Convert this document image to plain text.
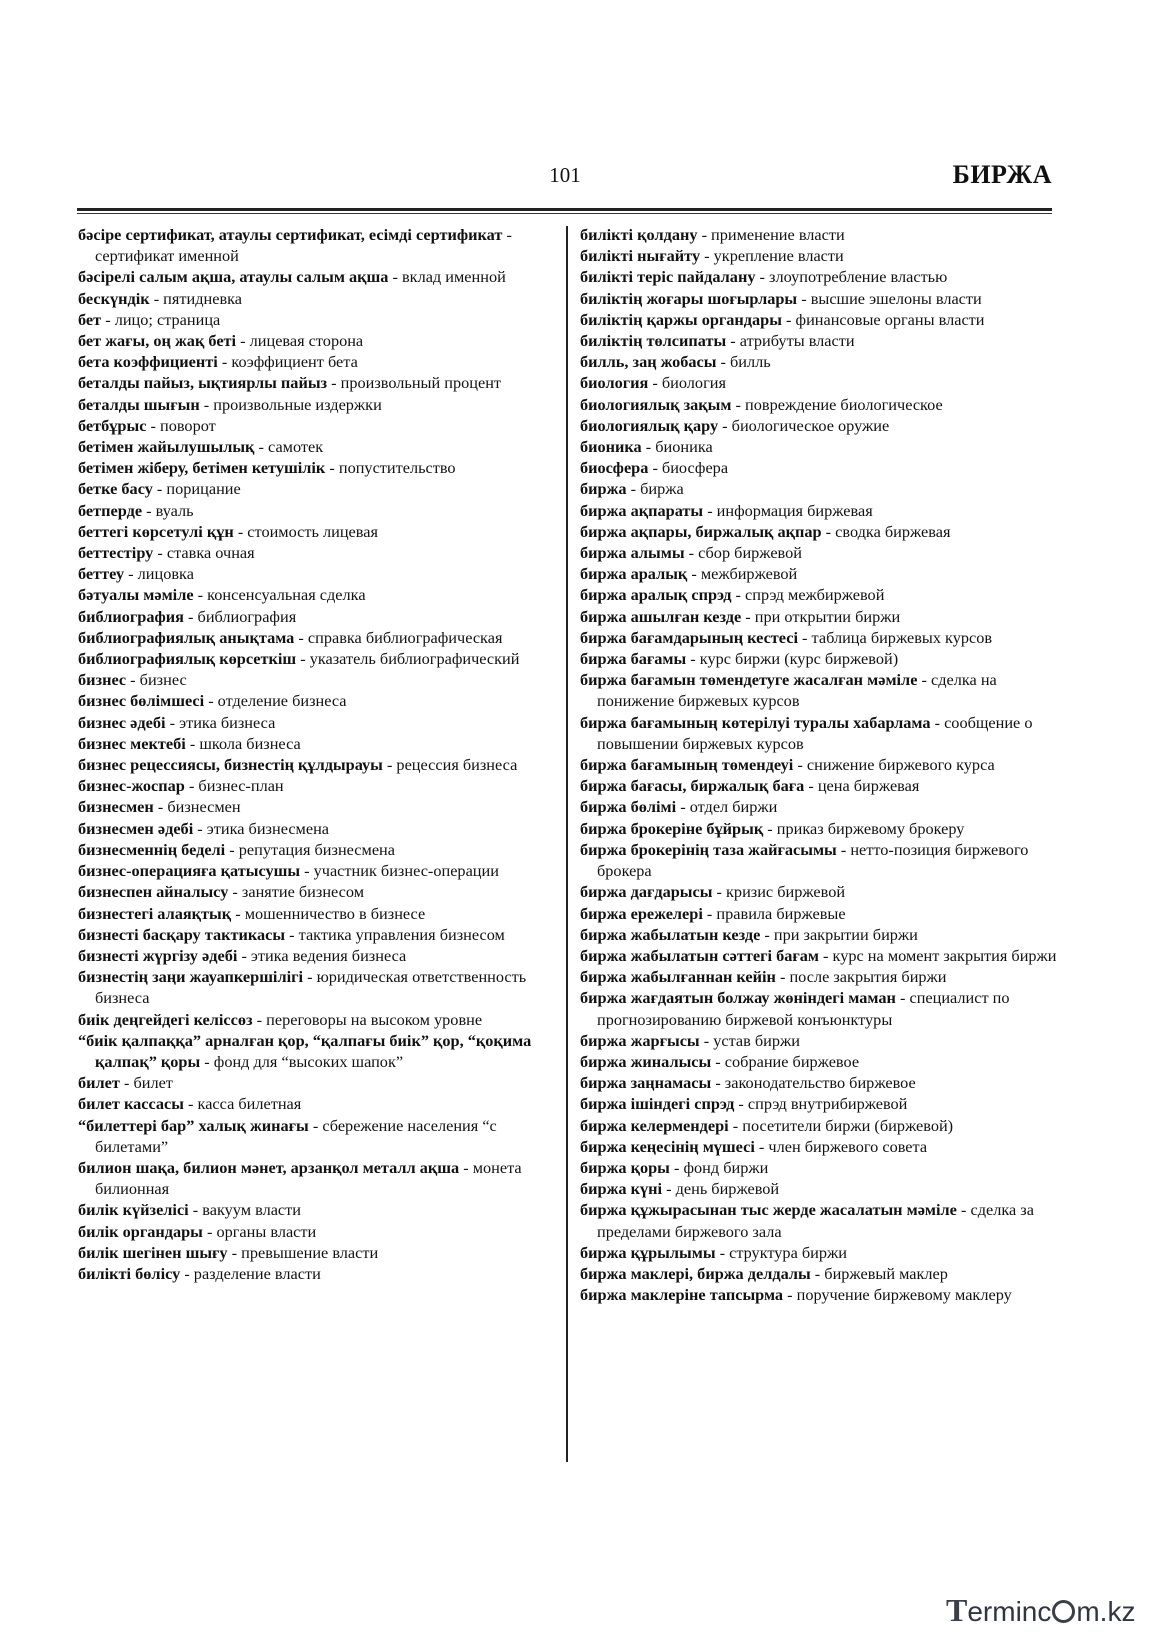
101	БИРЖА

бәсіре сертификат, атаулы сертификат, есімді сертификат - сертификат именной

бәсірелі салым ақша, атаулы салым ақша - вклад именной

бескүндік - пятидневка

бет - лицо; страница

бет жағы, оң жақ беті - лицевая сторона

бета коэффициенті - коэффициент бета

беталды пайыз, ықтиярлы пайыз - произвольный процент

беталды шығын - произвольные издержки

бетбұрыс - поворот

бетімен жайылушылық - самотек

бетімен жіберу, бетімен кетушілік - попустительство

бетке басу - порицание

бетперде - вуаль

беттегі көрсетулі құн - стоимость лицевая

беттестіру - ставка очная

беттеу - лицовка

бәтуалы мәміле - консенсуальная сделка

библиография - библиография

библиографиялық анықтама - справка библиографическая

библиографиялық көрсеткіш - указатель библиографический

бизнес - бизнес

бизнес бөлімшесі - отделение бизнеса

бизнес әдебі - этика бизнеса

бизнес мектебі - школа бизнеса

бизнес рецессиясы, бизнестің құлдырауы - рецессия бизнеса

бизнес-жоспар - бизнес-план

бизнесмен - бизнесмен

бизнесмен әдебі - этика бизнесмена

бизнесменнің беделі - репутация бизнесмена

бизнес-операцияға қатысушы - участник бизнес-операции

бизнеспен айналысу - занятие бизнесом

бизнестегі алаяқтық - мошенничество в бизнесе

бизнесті басқару тактикасы - тактика управления бизнесом

бизнесті жүргізу әдебі - этика ведения бизнеса

бизнестің заңи жауапкершілігі - юридическая ответственность бизнеса

биік деңгейдегі келіссөз - переговоры на высоком уровне

“биік қалпаққа” арналған қор, “қалпағы биік” қор, “қоқима қалпақ” қоры - фонд для “высоких шапок”

билет - билет

билет кассасы - касса билетная

“билеттері бар” халық жинағы - сбережение населения “с билетами”

билион шақа, билион мәнет, арзанқол металл ақша - монета билионная

билік күйзелісі - вакуум власти

билік органдары - органы власти

билік шегінен шығу - превышение власти

билікті бөлісу - разделение власти

билікті қолдану - применение власти

билікті нығайту - укрепление власти

билікті теріс пайдалану - злоупотребление властью

биліктің жоғары шоғырлары - высшие эшелоны власти

биліктің қаржы органдары - финансовые органы власти

биліктің төлсипаты - атрибуты власти

билль, заң жобасы - билль

биология - биология

биологиялық зақым - повреждение биологическое

биологиялық қару - биологическое оружие

бионика - бионика

биосфера - биосфера

биржа - биржа

биржа ақпараты - информация биржевая

биржа ақпары, биржалық ақпар - сводка биржевая

биржа алымы - сбор биржевой

биржа аралық - межбиржевой

биржа аралық спрэд - спрэд межбиржевой

биржа ашылған кезде - при открытии биржи

биржа бағамдарының кестесі - таблица биржевых курсов

биржа бағамы - курс биржи (курс биржевой)

биржа бағамын төмендетуге жасалған мәміле - сделка на понижение биржевых курсов

биржа бағамының көтерілуі туралы хабарлама - сообщение о повышении биржевых курсов

биржа бағамының төмендеуі - снижение биржевого курса

биржа бағасы, биржалық баға - цена биржевая

биржа бөлімі - отдел биржи

биржа брокеріне бұйрық - приказ биржевому брокеру

биржа брокерінің таза жайғасымы - нетто-позиция биржевого брокера

биржа дағдарысы - кризис биржевой

биржа ережелері - правила биржевые

биржа жабылатын кезде - при закрытии биржи

биржа жабылатын сәттегі бағам - курс на момент закрытия биржи

биржа жабылғаннан кейін - после закрытия биржи

биржа жағдаятын болжау жөніндегі маман - специалист по прогнозированию биржевой конъюнктуры

биржа жарғысы - устав биржи

биржа жиналысы - собрание биржевое

биржа заңнамасы - законодательство биржевое

биржа ішіндегі спрэд - спрэд внутрибиржевой

биржа келермендері - посетители биржи (биржевой)

биржа кеңесінің мүшесі - член биржевого совета

биржа қоры - фонд биржи

биржа күні - день биржевой

биржа құжырасынан тыс жерде жасалатын мәміле - сделка за пределами биржевого зала

биржа құрылымы - структура биржи

биржа маклері, биржа делдалы - биржевый маклер

биржа маклеріне тапсырма - поручение биржевому маклеру

Terminc m.kz
